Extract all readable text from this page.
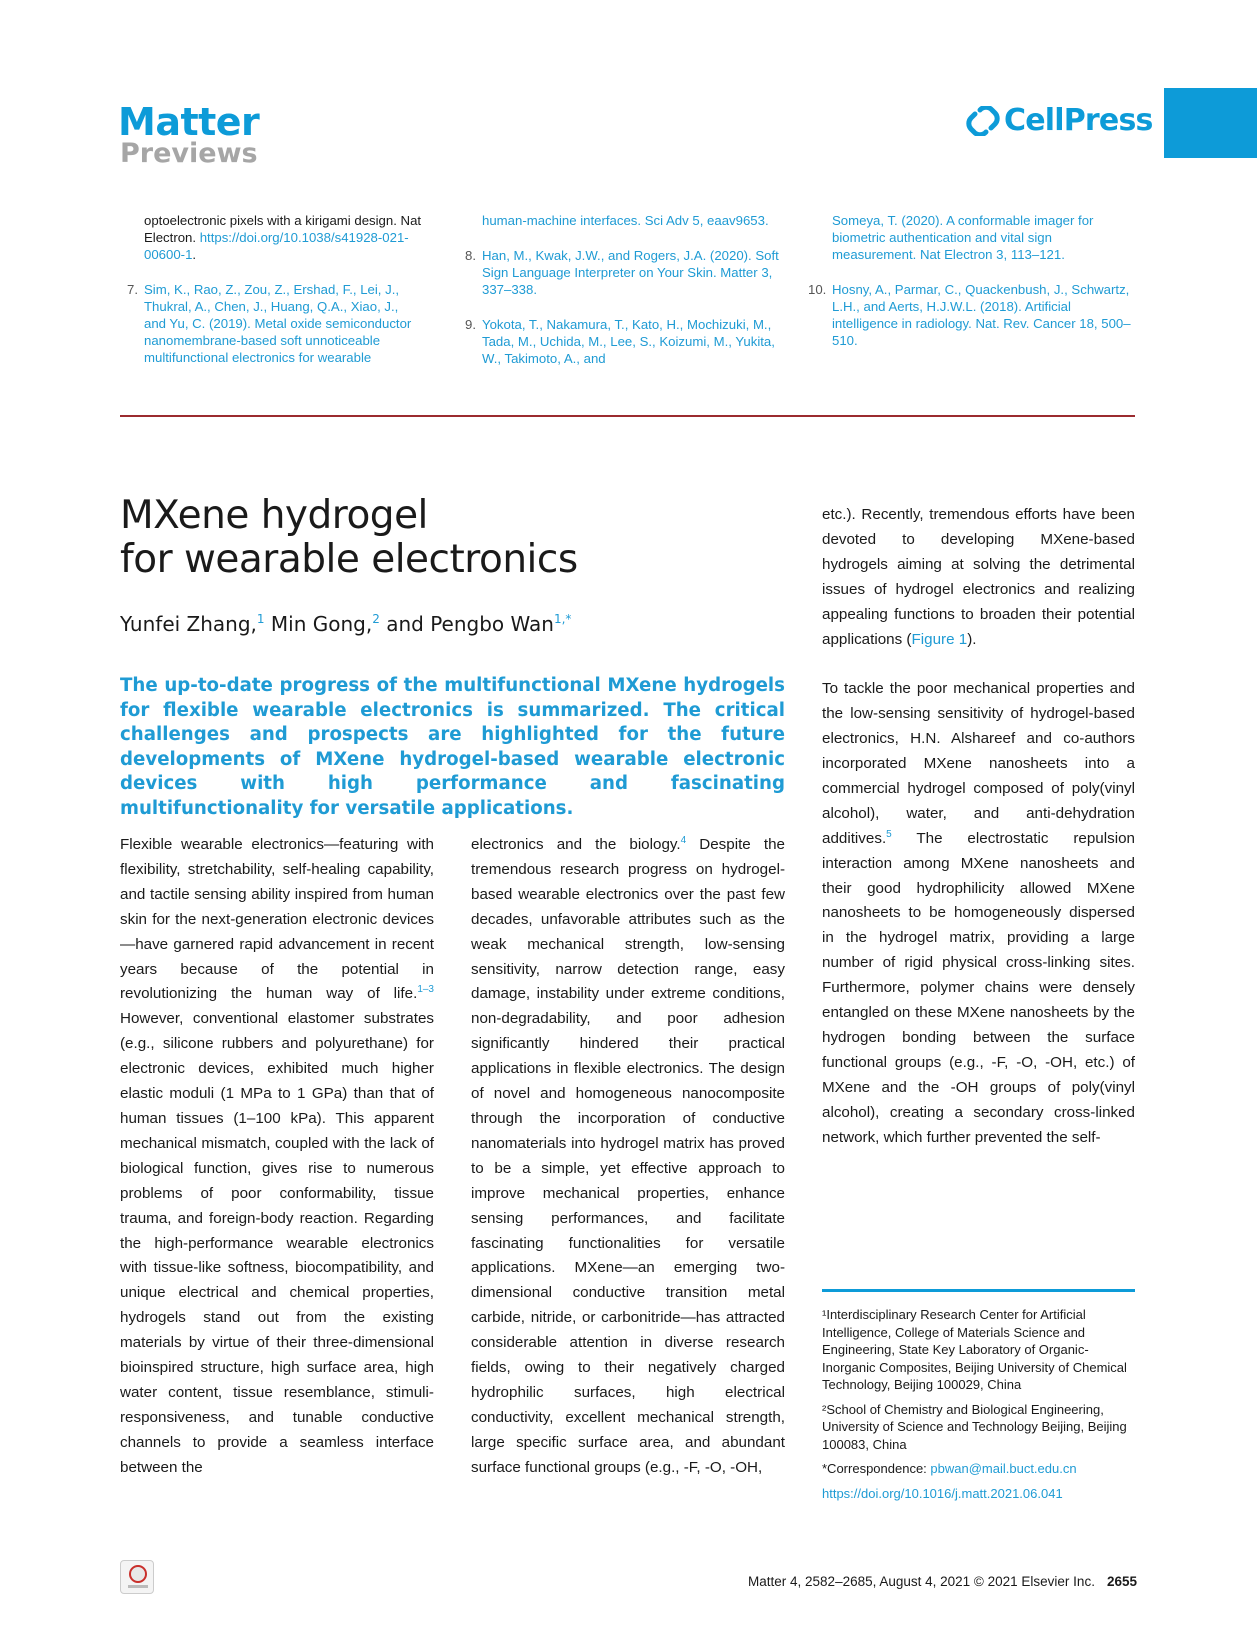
Matter
Previews
CellPress
optoelectronic pixels with a kirigami design. Nat Electron. https://doi.org/10.1038/s41928-021-00600-1.
7. Sim, K., Rao, Z., Zou, Z., Ershad, F., Lei, J., Thukral, A., Chen, J., Huang, Q.A., Xiao, J., and Yu, C. (2019). Metal oxide semiconductor nanomembrane-based soft unnoticeable multifunctional electronics for wearable
human-machine interfaces. Sci Adv 5, eaav9653.
8. Han, M., Kwak, J.W., and Rogers, J.A. (2020). Soft Sign Language Interpreter on Your Skin. Matter 3, 337–338.
9. Yokota, T., Nakamura, T., Kato, H., Mochizuki, M., Tada, M., Uchida, M., Lee, S., Koizumi, M., Yukita, W., Takimoto, A., and
Someya, T. (2020). A conformable imager for biometric authentication and vital sign measurement. Nat Electron 3, 113–121.
10. Hosny, A., Parmar, C., Quackenbush, J., Schwartz, L.H., and Aerts, H.J.W.L. (2018). Artificial intelligence in radiology. Nat. Rev. Cancer 18, 500–510.
MXene hydrogel
for wearable electronics
Yunfei Zhang,$^1$ Min Gong,$^2$ and Pengbo Wan$^{1,*}$
The up-to-date progress of the multifunctional MXene hydrogels for flexible wearable electronics is summarized. The critical challenges and prospects are highlighted for the future developments of MXene hydrogel-based wearable electronic devices with high performance and fascinating multifunctionality for versatile applications.

Flexible wearable electronics—featuring with flexibility, stretchability, self-healing capability, and tactile sensing ability inspired from human skin for the next-generation electronic devices—have garnered rapid advancement in recent years because of the potential in revolutionizing the human way of life.$^{1-3}$ However, conventional elastomer substrates (e.g., silicone rubbers and polyurethane) for electronic devices, exhibited much higher elastic moduli (1 MPa to 1 GPa) than that of human tissues (1–100 kPa). This apparent mechanical mismatch, coupled with the lack of biological function, gives rise to numerous problems of poor conformability, tissue trauma, and foreign-body reaction. Regarding the high-performance wearable electronics with tissue-like softness, biocompatibility, and unique electrical and chemical properties, hydrogels stand out from the existing materials by virtue of their three-dimensional bioinspired structure, high surface area, high water content, tissue resemblance, stimuli-responsiveness, and tunable conductive channels to provide a seamless interface between the

electronics and the biology.$^4$ Despite the tremendous research progress on hydrogel-based wearable electronics over the past few decades, unfavorable attributes such as the weak mechanical strength, low-sensing sensitivity, narrow detection range, easy damage, instability under extreme conditions, non-degradability, and poor adhesion significantly hindered their practical applications in flexible electronics. The design of novel and homogeneous nanocomposite through the incorporation of conductive nanomaterials into hydrogel matrix has proved to be a simple, yet effective approach to improve mechanical properties, enhance sensing performances, and facilitate fascinating functionalities for versatile applications. MXene—an emerging two-dimensional conductive transition metal carbide, nitride, or carbonitride—has attracted considerable attention in diverse research fields, owing to their negatively charged hydrophilic surfaces, high electrical conductivity, excellent mechanical strength, large specific surface area, and abundant surface functional groups (e.g., -F, -O, -OH,

etc.). Recently, tremendous efforts have been devoted to developing MXene-based hydrogels aiming at solving the detrimental issues of hydrogel electronics and realizing appealing functions to broaden their potential applications (Figure 1).

To tackle the poor mechanical properties and the low-sensing sensitivity of hydrogel-based electronics, H.N. Alshareef and co-authors incorporated MXene nanosheets into a commercial hydrogel composed of poly(vinyl alcohol), water, and anti-dehydration additives.$^5$ The electrostatic repulsion interaction among MXene nanosheets and their good hydrophilicity allowed MXene nanosheets to be homogeneously dispersed in the hydrogel matrix, providing a large number of rigid physical cross-linking sites. Furthermore, polymer chains were densely entangled on these MXene nanosheets by the hydrogen bonding between the surface functional groups (e.g., -F, -O, -OH, etc.) of MXene and the -OH groups of poly(vinyl alcohol), creating a secondary cross-linked network, which further prevented the self-

¹Interdisciplinary Research Center for Artificial Intelligence, College of Materials Science and Engineering, State Key Laboratory of Organic-Inorganic Composites, Beijing University of Chemical Technology, Beijing 100029, China

²School of Chemistry and Biological Engineering, University of Science and Technology Beijing, Beijing 100083, China

*Correspondence: pbwan@mail.buct.edu.cn

https://doi.org/10.1016/j.matt.2021.06.041

Matter 4, 2582–2685, August 4, 2021 © 2021 Elsevier Inc. 2655
